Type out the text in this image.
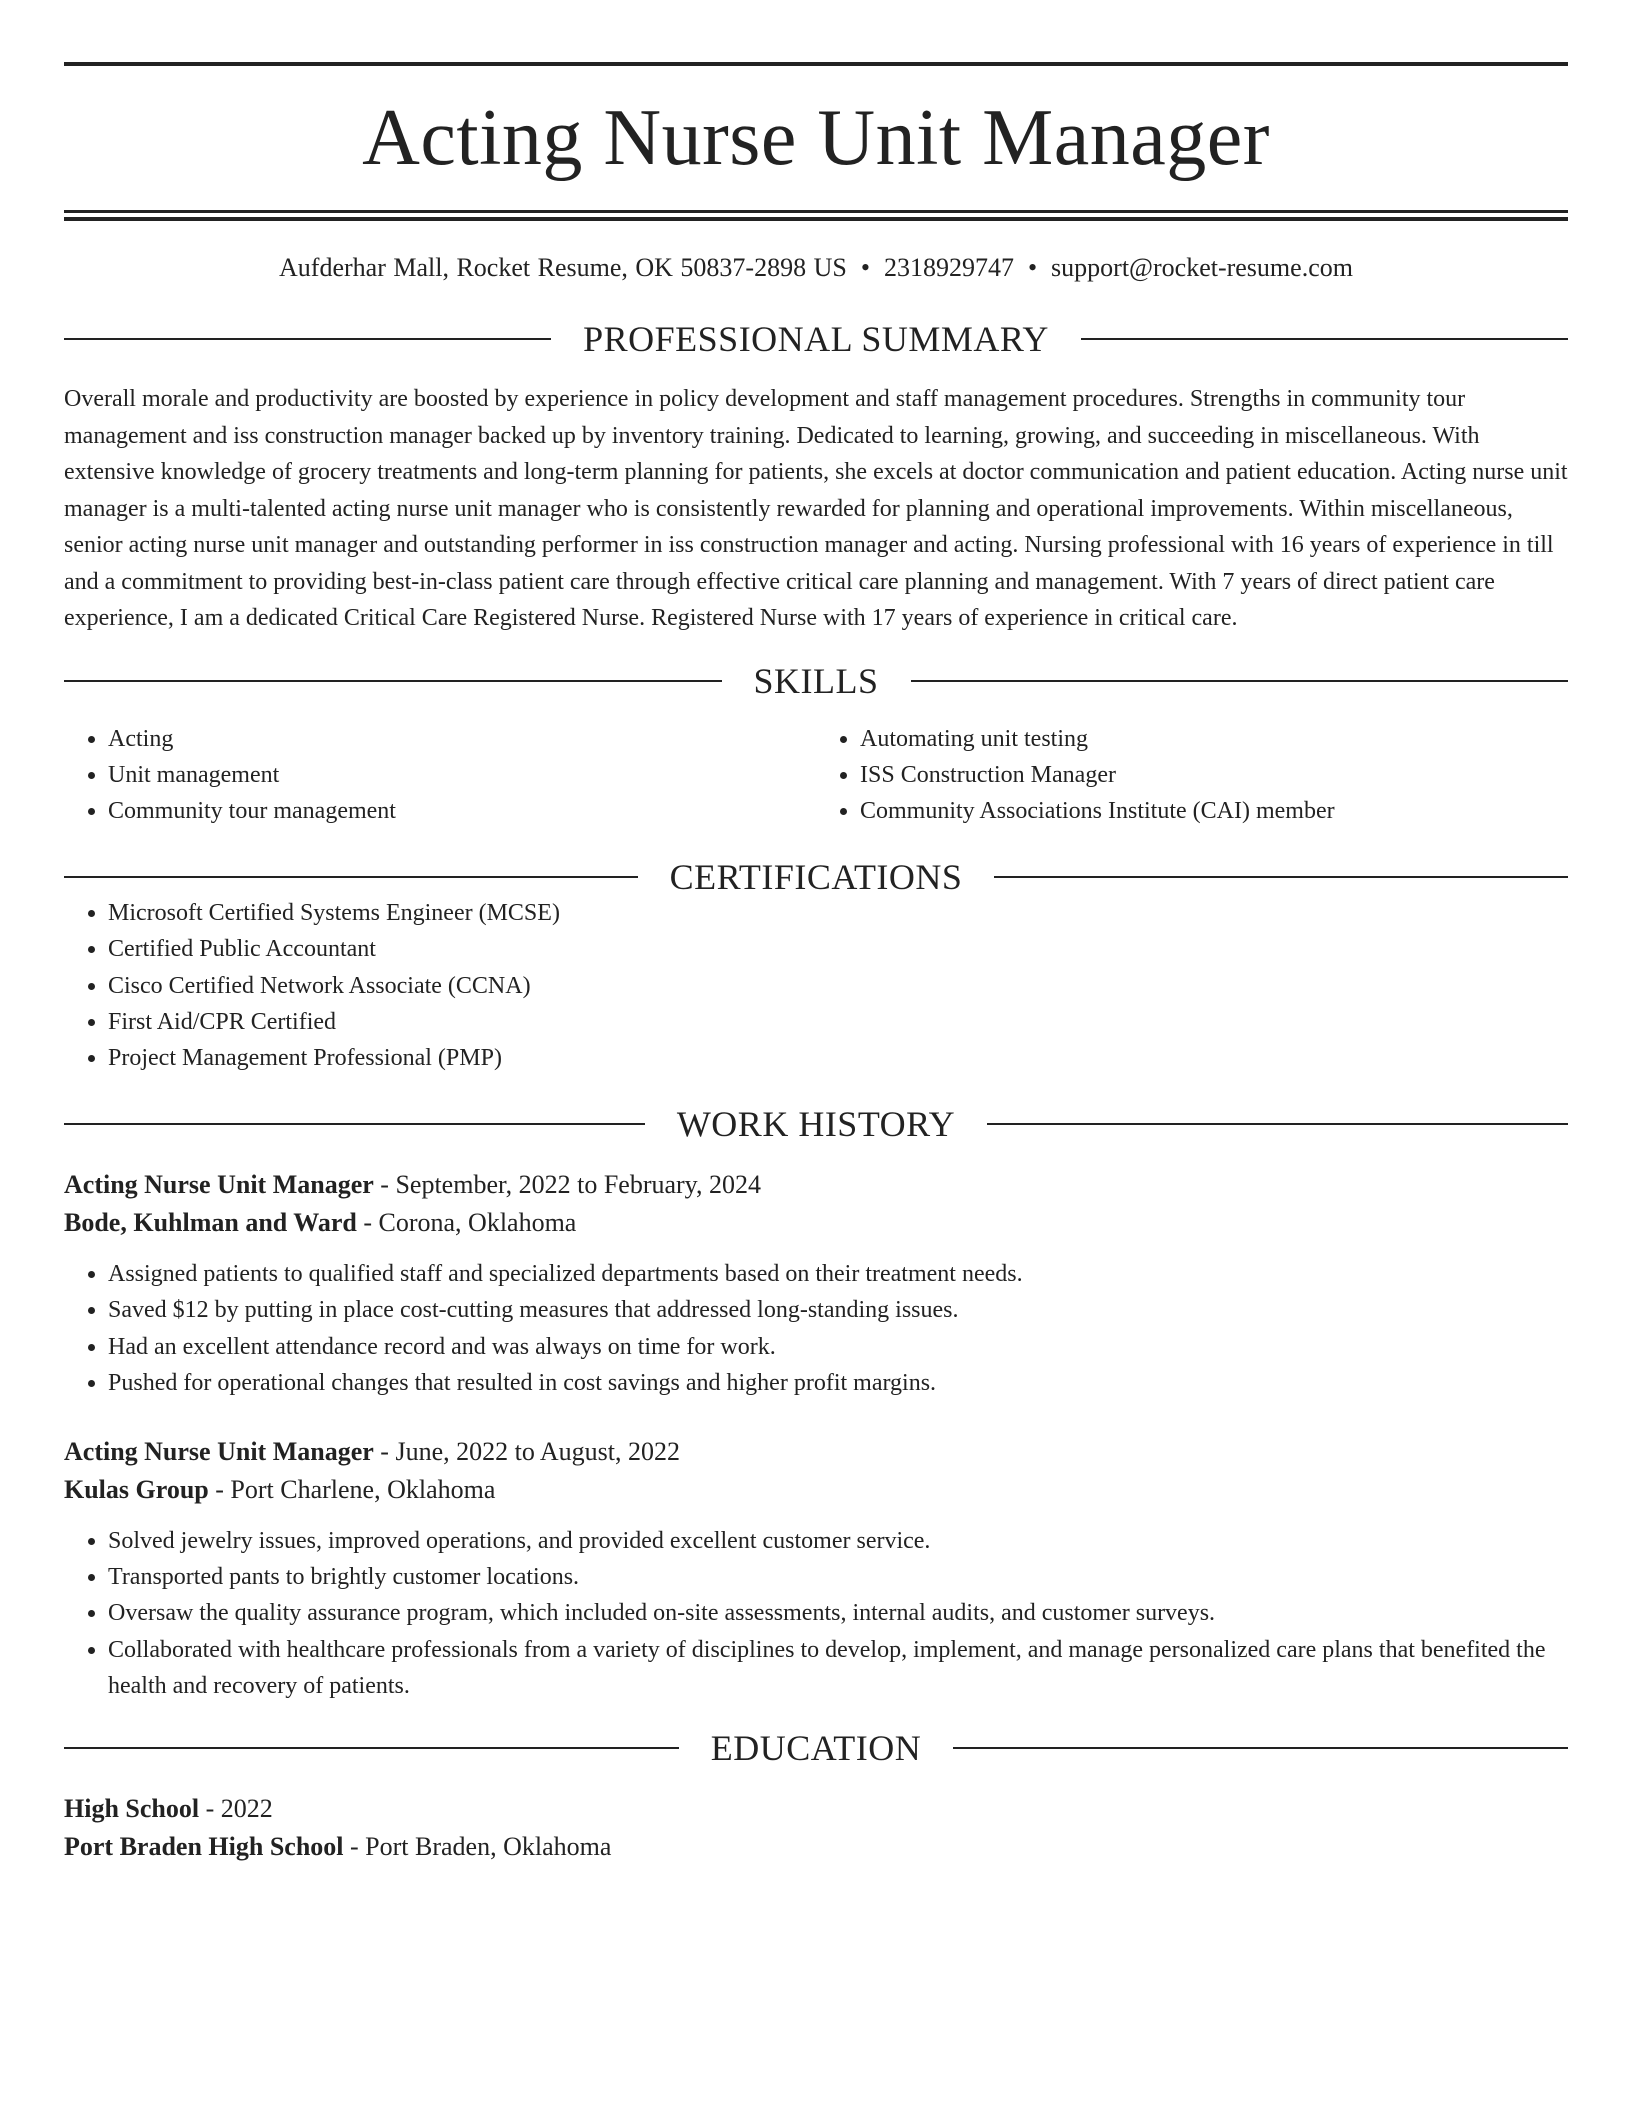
Acting Nurse Unit Manager
Aufderhar Mall, Rocket Resume, OK 50837-2898 US • 2318929747 • support@rocket-resume.com
PROFESSIONAL SUMMARY

Overall morale and productivity are boosted by experience in policy development and staff management procedures. Strengths in community tour management and iss construction manager backed up by inventory training. Dedicated to learning, growing, and succeeding in miscellaneous. With extensive knowledge of grocery treatments and long-term planning for patients, she excels at doctor communication and patient education. Acting nurse unit manager is a multi-talented acting nurse unit manager who is consistently rewarded for planning and operational improvements. Within miscellaneous, senior acting nurse unit manager and outstanding performer in iss construction manager and acting. Nursing professional with 16 years of experience in till and a commitment to providing best-in-class patient care through effective critical care planning and management. With 7 years of direct patient care experience, I am a dedicated Critical Care Registered Nurse. Registered Nurse with 17 years of experience in critical care.

SKILLS
• Acting
• Unit management
• Community tour management
• Automating unit testing
• ISS Construction Manager
• Community Associations Institute (CAI) member
CERTIFICATIONS
• Microsoft Certified Systems Engineer (MCSE)
• Certified Public Accountant
• Cisco Certified Network Associate (CCNA)
• First Aid/CPR Certified
• Project Management Professional (PMP)
WORK HISTORY
Acting Nurse Unit Manager - September, 2022 to February, 2024
Bode, Kuhlman and Ward - Corona, Oklahoma
• Assigned patients to qualified staff and specialized departments based on their treatment needs.
• Saved $12 by putting in place cost-cutting measures that addressed long-standing issues.
• Had an excellent attendance record and was always on time for work.
• Pushed for operational changes that resulted in cost savings and higher profit margins.
Acting Nurse Unit Manager - June, 2022 to August, 2022
Kulas Group - Port Charlene, Oklahoma
• Solved jewelry issues, improved operations, and provided excellent customer service.
• Transported pants to brightly customer locations.
• Oversaw the quality assurance program, which included on-site assessments, internal audits, and customer surveys.
• Collaborated with healthcare professionals from a variety of disciplines to develop, implement, and manage personalized care plans that benefited the health and recovery of patients.
EDUCATION
High School - 2022
Port Braden High School - Port Braden, Oklahoma
